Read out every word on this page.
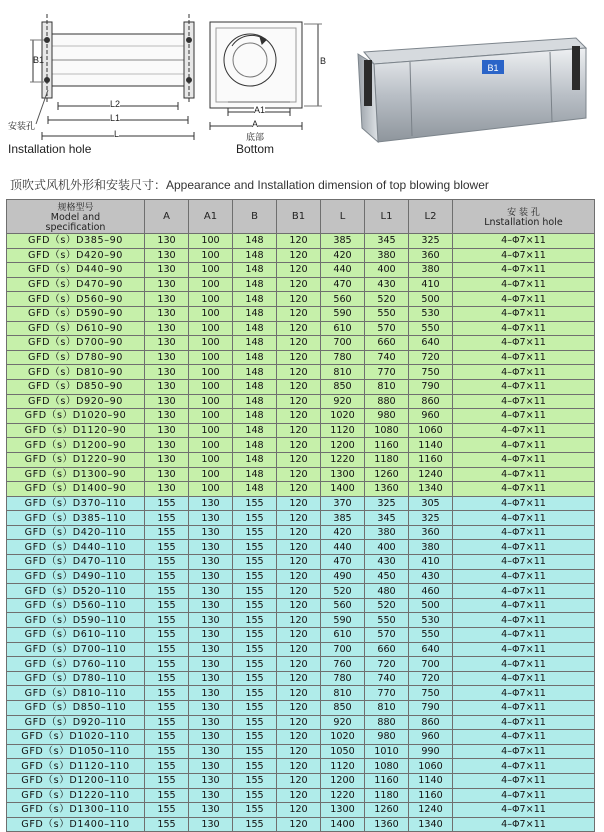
B1
L2
L1
L
安装孔
Installation hole
B
A1
A
底部
Bottom
B1
顶吹式风机外形和安装尺寸：Appearance and Installation dimension of top blowing blower
规格型号
Model and
specification	A	A1	B	B1	L	L1	L2	安 装 孔
Lnstallation hole

GFD（s）D385–90	130	100	148	120	385	345	325	4–Φ7×11
GFD（s）D420–90	130	100	148	120	420	380	360	4–Φ7×11
GFD（s）D440–90	130	100	148	120	440	400	380	4–Φ7×11
GFD（s）D470–90	130	100	148	120	470	430	410	4–Φ7×11
GFD（s）D560–90	130	100	148	120	560	520	500	4–Φ7×11
GFD（s）D590–90	130	100	148	120	590	550	530	4–Φ7×11
GFD（s）D610–90	130	100	148	120	610	570	550	4–Φ7×11
GFD（s）D700–90	130	100	148	120	700	660	640	4–Φ7×11
GFD（s）D780–90	130	100	148	120	780	740	720	4–Φ7×11
GFD（s）D810–90	130	100	148	120	810	770	750	4–Φ7×11
GFD（s）D850–90	130	100	148	120	850	810	790	4–Φ7×11
GFD（s）D920–90	130	100	148	120	920	880	860	4–Φ7×11
GFD（s）D1020–90	130	100	148	120	1020	980	960	4–Φ7×11
GFD（s）D1120–90	130	100	148	120	1120	1080	1060	4–Φ7×11
GFD（s）D1200–90	130	100	148	120	1200	1160	1140	4–Φ7×11
GFD（s）D1220–90	130	100	148	120	1220	1180	1160	4–Φ7×11
GFD（s）D1300–90	130	100	148	120	1300	1260	1240	4–Φ7×11
GFD（s）D1400–90	130	100	148	120	1400	1360	1340	4–Φ7×11
GFD（s）D370–110	155	130	155	120	370	325	305	4–Φ7×11
GFD（s）D385–110	155	130	155	120	385	345	325	4–Φ7×11
GFD（s）D420–110	155	130	155	120	420	380	360	4–Φ7×11
GFD（s）D440–110	155	130	155	120	440	400	380	4–Φ7×11
GFD（s）D470–110	155	130	155	120	470	430	410	4–Φ7×11
GFD（s）D490–110	155	130	155	120	490	450	430	4–Φ7×11
GFD（s）D520–110	155	130	155	120	520	480	460	4–Φ7×11
GFD（s）D560–110	155	130	155	120	560	520	500	4–Φ7×11
GFD（s）D590–110	155	130	155	120	590	550	530	4–Φ7×11
GFD（s）D610–110	155	130	155	120	610	570	550	4–Φ7×11
GFD（s）D700–110	155	130	155	120	700	660	640	4–Φ7×11
GFD（s）D760–110	155	130	155	120	760	720	700	4–Φ7×11
GFD（s）D780–110	155	130	155	120	780	740	720	4–Φ7×11
GFD（s）D810–110	155	130	155	120	810	770	750	4–Φ7×11
GFD（s）D850–110	155	130	155	120	850	810	790	4–Φ7×11
GFD（s）D920–110	155	130	155	120	920	880	860	4–Φ7×11
GFD（s）D1020–110	155	130	155	120	1020	980	960	4–Φ7×11
GFD（s）D1050–110	155	130	155	120	1050	1010	990	4–Φ7×11
GFD（s）D1120–110	155	130	155	120	1120	1080	1060	4–Φ7×11
GFD（s）D1200–110	155	130	155	120	1200	1160	1140	4–Φ7×11
GFD（s）D1220–110	155	130	155	120	1220	1180	1160	4–Φ7×11
GFD（s）D1300–110	155	130	155	120	1300	1260	1240	4–Φ7×11
GFD（s）D1400–110	155	130	155	120	1400	1360	1340	4–Φ7×11
